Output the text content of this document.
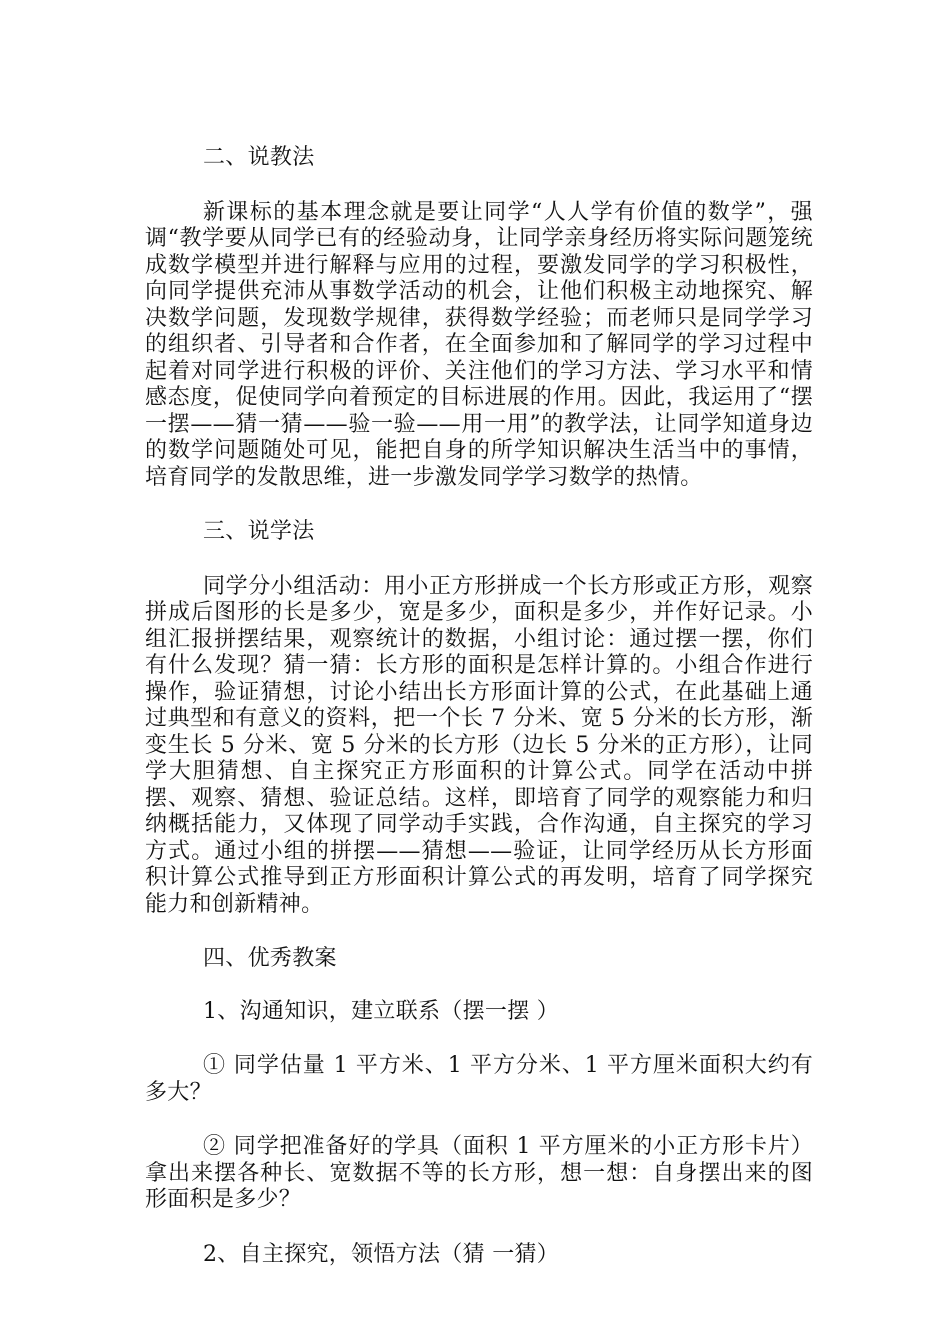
二、说教法

新课标的基本理念就是要让同学“人人学有价值的数学”，强调“教学要从同学已有的经验动身，让同学亲身经历将实际问题笼统成数学模型并进行解释与应用的过程，要激发同学的学习积极性，向同学提供充沛从事数学活动的机会，让他们积极主动地探究、解决数学问题，发现数学规律，获得数学经验；而老师只是同学学习的组织者、引导者和合作者，在全面参加和了解同学的学习过程中起着对同学进行积极的评价、关注他们的学习方法、学习水平和情感态度，促使同学向着预定的目标进展的作用。因此，我运用了“摆一摆——猜一猜——验一验——用一用”的教学法，让同学知道身边的数学问题随处可见，能把自身的所学知识解决生活当中的事情，培育同学的发散思维，进一步激发同学学习数学的热情。

三、说学法

同学分小组活动：用小正方形拼成一个长方形或正方形，观察拼成后图形的长是多少，宽是多少，面积是多少，并作好记录。小组汇报拼摆结果，观察统计的数据，小组讨论：通过摆一摆，你们有什么发现？猜一猜：长方形的面积是怎样计算的。小组合作进行操作，验证猜想，讨论小结出长方形面计算的公式，在此基础上通过典型和有意义的资料，把一个长 7 分米、宽 5 分米的长方形，渐变生长 5 分米、宽 5 分米的长方形（边长 5 分米的正方形），让同学大胆猜想、自主探究正方形面积的计算公式。同学在活动中拼摆、观察、猜想、验证总结。这样，即培育了同学的观察能力和归纳概括能力，又体现了同学动手实践，合作沟通，自主探究的学习方式。通过小组的拼摆——猜想——验证，让同学经历从长方形面积计算公式推导到正方形面积计算公式的再发明，培育了同学探究能力和创新精神。

四、优秀教案

1、沟通知识，建立联系（摆一摆 ）

① 同学估量 1 平方米、1 平方分米、1 平方厘米面积大约有多大？

② 同学把准备好的学具（面积 1 平方厘米的小正方形卡片）拿出来摆各种长、宽数据不等的长方形，想一想：自身摆出来的图形面积是多少？

2、自主探究，领悟方法（猜 一猜）
